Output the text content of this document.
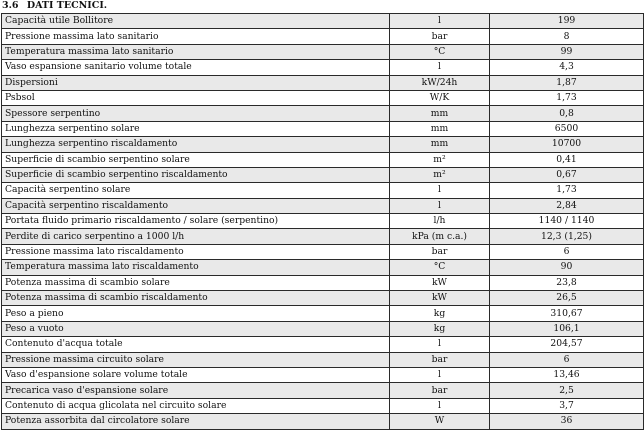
3.6 DATI TECNICI.
Capacità utile Bollitore	l	199
Pressione massima lato sanitario	bar	8
Temperatura massima lato sanitario	°C	99
Vaso espansione sanitario volume totale	l	4,3
Dispersioni	kW/24h	1,87
Psbsol	W/K	1,73
Spessore serpentino	mm	0,8
Lunghezza serpentino solare	mm	6500
Lunghezza serpentino riscaldamento	mm	10700
Superficie di scambio serpentino solare	m²	0,41
Superficie di scambio serpentino riscaldamento	m²	0,67
Capacità serpentino solare	l	1,73
Capacità serpentino riscaldamento	l	2,84
Portata fluido primario riscaldamento / solare (serpentino)	l/h	1140 / 1140
Perdite di carico serpentino a 1000 l/h	kPa (m c.a.)	12,3 (1,25)
Pressione massima lato riscaldamento	bar	6
Temperatura massima lato riscaldamento	°C	90
Potenza massima di scambio solare	kW	23,8
Potenza massima di scambio riscaldamento	kW	26,5
Peso a pieno	kg	310,67
Peso a vuoto	kg	106,1
Contenuto d'acqua totale	l	204,57
Pressione massima circuito solare	bar	6
Vaso d'espansione solare volume totale	l	13,46
Precarica vaso d'espansione solare	bar	2,5
Contenuto di acqua glicolata nel circuito solare	l	3,7
Potenza assorbita dal circolatore solare	W	36
